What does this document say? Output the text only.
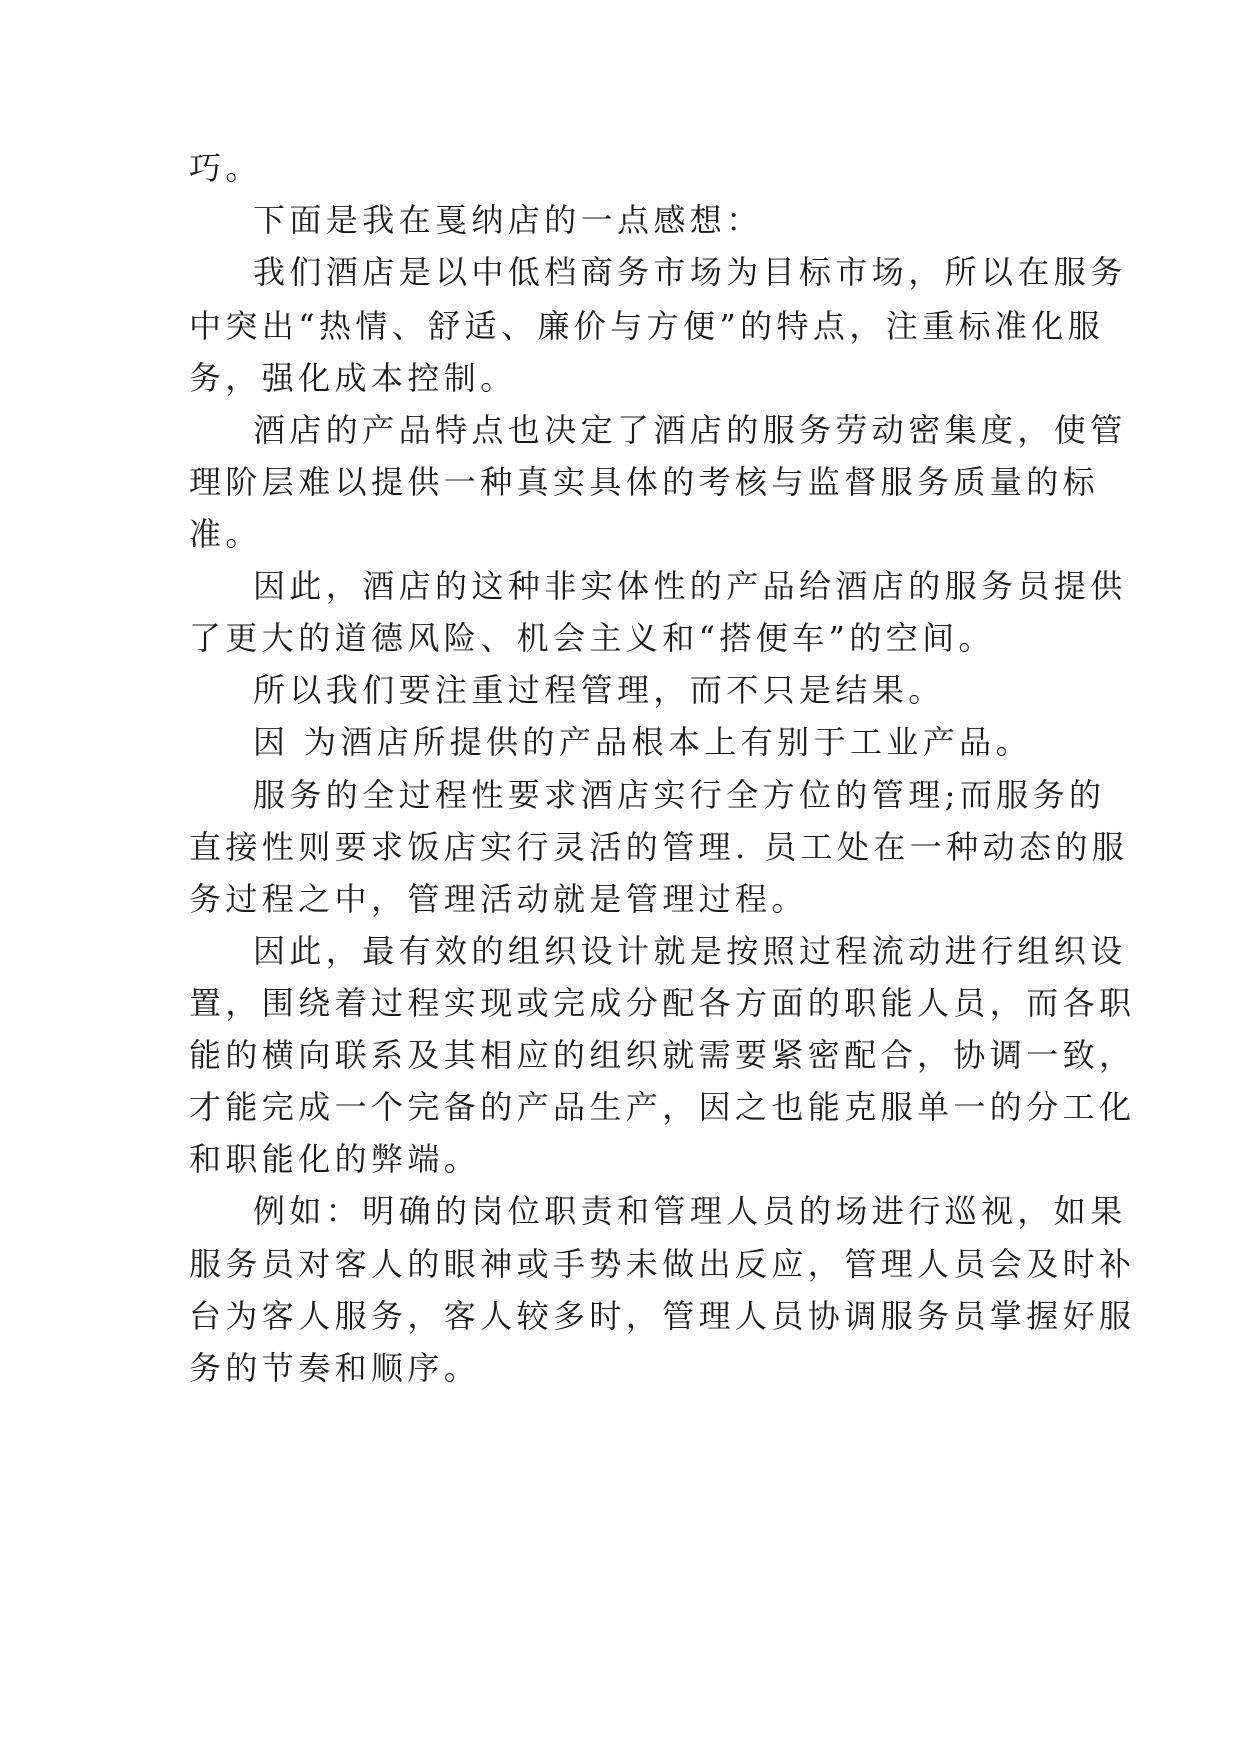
巧。
下面是我在戛纳店的一点感想：
我们酒店是以中低档商务市场为目标市场，所以在服务
中突出“热情、舒适、廉价与方便”的特点，注重标准化服
务，强化成本控制。
酒店的产品特点也决定了酒店的服务劳动密集度，使管
理阶层难以提供一种真实具体的考核与监督服务质量的标
准。
因此，酒店的这种非实体性的产品给酒店的服务员提供
了更大的道德风险、机会主义和“搭便车”的空间。
所以我们要注重过程管理，而不只是结果。
因 为酒店所提供的产品根本上有别于工业产品。
服务的全过程性要求酒店实行全方位的管理;而服务的
直接性则要求饭店实行灵活的管理. 员工处在一种动态的服
务过程之中，管理活动就是管理过程。
因此，最有效的组织设计就是按照过程流动进行组织设
置，围绕着过程实现或完成分配各方面的职能人员，而各职
能的横向联系及其相应的组织就需要紧密配合，协调一致，
才能完成一个完备的产品生产，因之也能克服单一的分工化
和职能化的弊端。
例如：明确的岗位职责和管理人员的场进行巡视，如果
服务员对客人的眼神或手势未做出反应，管理人员会及时补
台为客人服务，客人较多时，管理人员协调服务员掌握好服
务的节奏和顺序。
